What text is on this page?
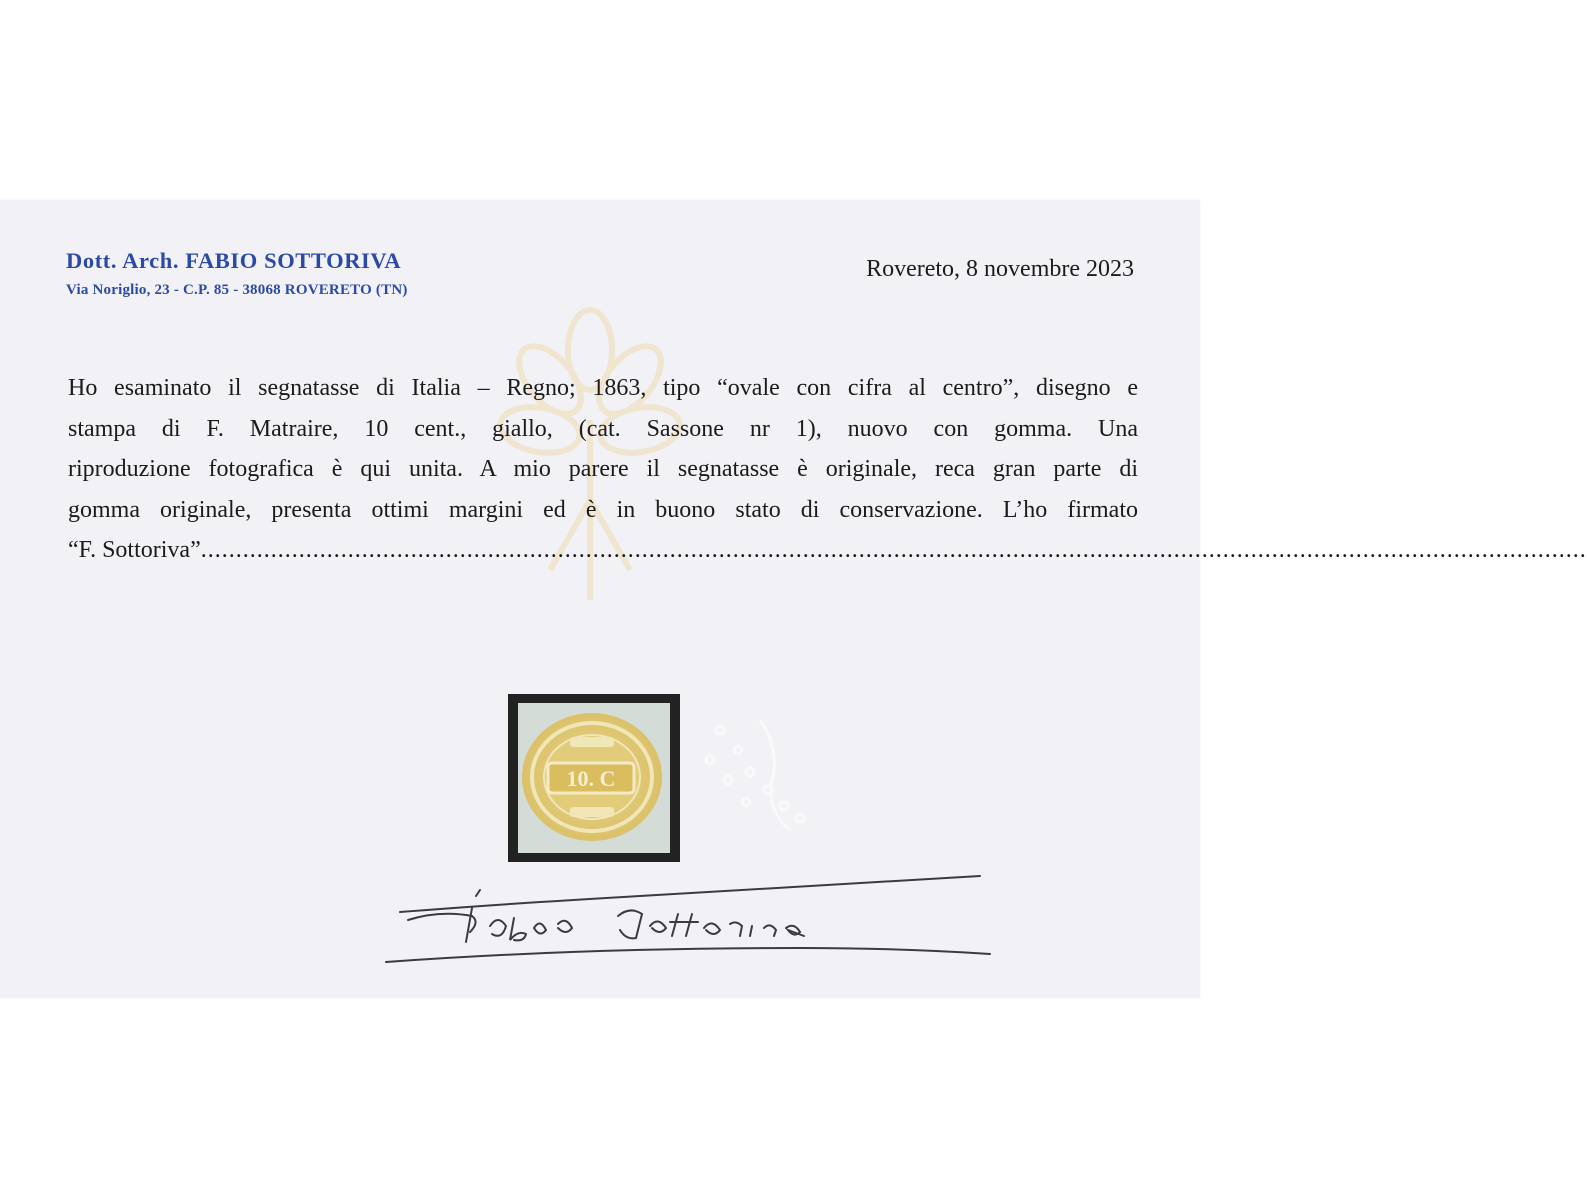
Dott. Arch. FABIO SOTTORIVA
Via Noriglio, 23 - C.P. 85 - 38068 ROVERETO (TN)
Rovereto, 8 novembre 2023
Ho esaminato il segnatasse di Italia – Regno; 1863, tipo “ovale con cifra al centro”, disegno e
stampa di F. Matraire, 10 cent., giallo, (cat. Sassone nr 1), nuovo con gomma. Una
riproduzione fotografica è qui unita. A mio parere il segnatasse è originale, reca gran parte di
gomma originale, presenta ottimi margini ed è in buono stato di conservazione. L’ho firmato
“F. Sottoriva” ......................................................................................................................................................................................................
10. C
